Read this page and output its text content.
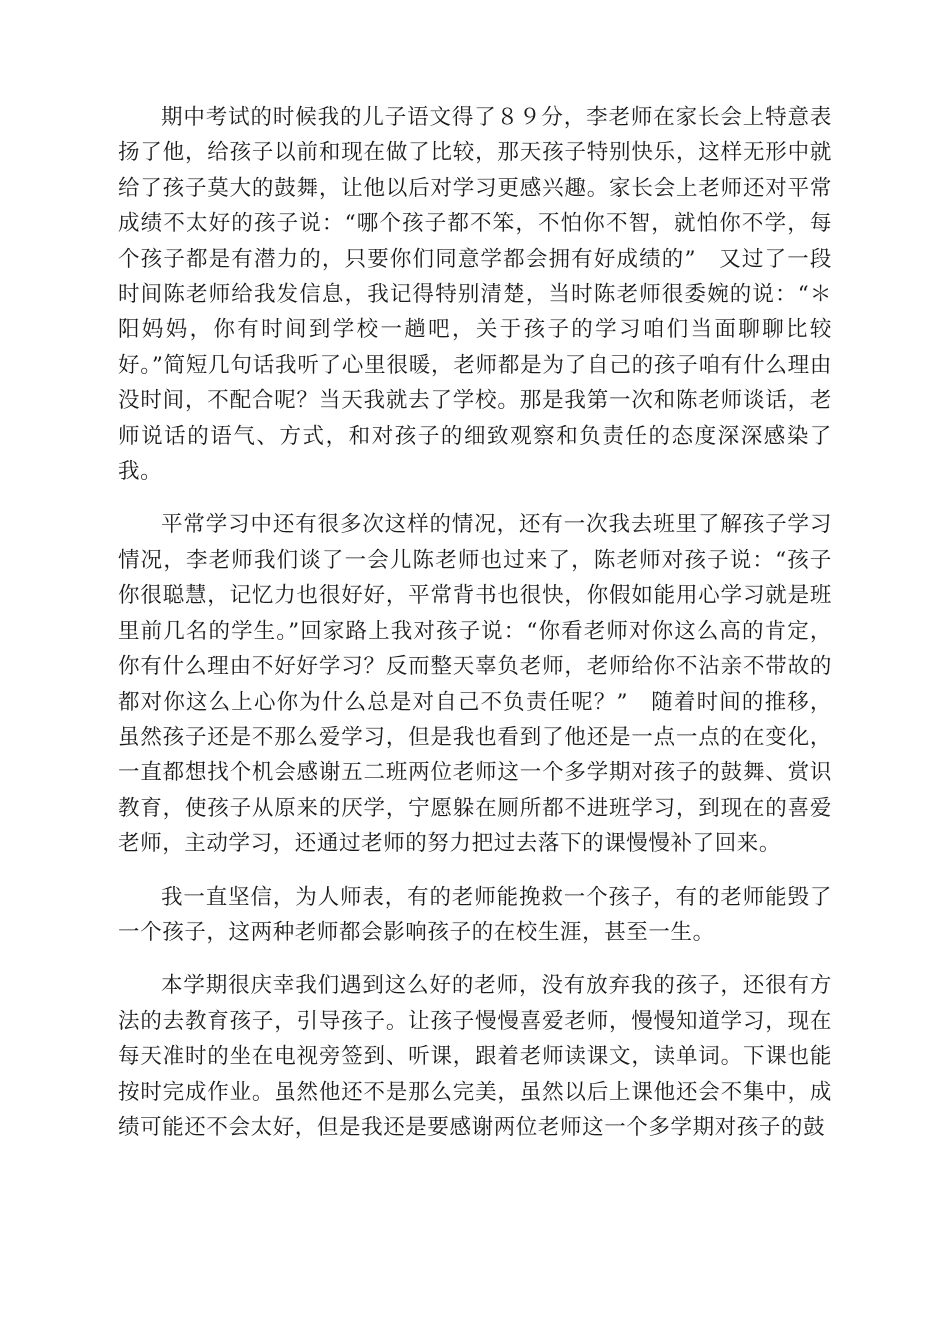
期中考试的时候我的儿子语文得了８９分，李老师在家长会上特意表扬了他，给孩子以前和现在做了比较，那天孩子特别快乐，这样无形中就给了孩子莫大的鼓舞，让他以后对学习更感兴趣。家长会上老师还对平常成绩不太好的孩子说：“哪个孩子都不笨，不怕你不智，就怕你不学，每个孩子都是有潜力的，只要你们同意学都会拥有好成绩的”　又过了一段时间陈老师给我发信息，我记得特别清楚，当时陈老师很委婉的说：“＊阳妈妈，你有时间到学校一趟吧，关于孩子的学习咱们当面聊聊比较好。”简短几句话我听了心里很暖，老师都是为了自己的孩子咱有什么理由没时间，不配合呢？当天我就去了学校。那是我第一次和陈老师谈话，老师说话的语气、方式，和对孩子的细致观察和负责任的态度深深感染了我。

平常学习中还有很多次这样的情况，还有一次我去班里了解孩子学习情况，李老师我们谈了一会儿陈老师也过来了，陈老师对孩子说：“孩子你很聪慧，记忆力也很好好，平常背书也很快，你假如能用心学习就是班里前几名的学生。”回家路上我对孩子说：“你看老师对你这么高的肯定，你有什么理由不好好学习？反而整天辜负老师，老师给你不沾亲不带故的都对你这么上心你为什么总是对自己不负责任呢？”　随着时间的推移，虽然孩子还是不那么爱学习，但是我也看到了他还是一点一点的在变化，一直都想找个机会感谢五二班两位老师这一个多学期对孩子的鼓舞、赏识教育，使孩子从原来的厌学，宁愿躲在厕所都不进班学习，到现在的喜爱老师，主动学习，还通过老师的努力把过去落下的课慢慢补了回来。

我一直坚信，为人师表，有的老师能挽救一个孩子，有的老师能毁了一个孩子，这两种老师都会影响孩子的在校生涯，甚至一生。

本学期很庆幸我们遇到这么好的老师，没有放弃我的孩子，还很有方法的去教育孩子，引导孩子。让孩子慢慢喜爱老师，慢慢知道学习，现在每天准时的坐在电视旁签到、听课，跟着老师读课文，读单词。下课也能按时完成作业。虽然他还不是那么完美，虽然以后上课他还会不集中，成绩可能还不会太好，但是我还是要感谢两位老师这一个多学期对孩子的鼓
